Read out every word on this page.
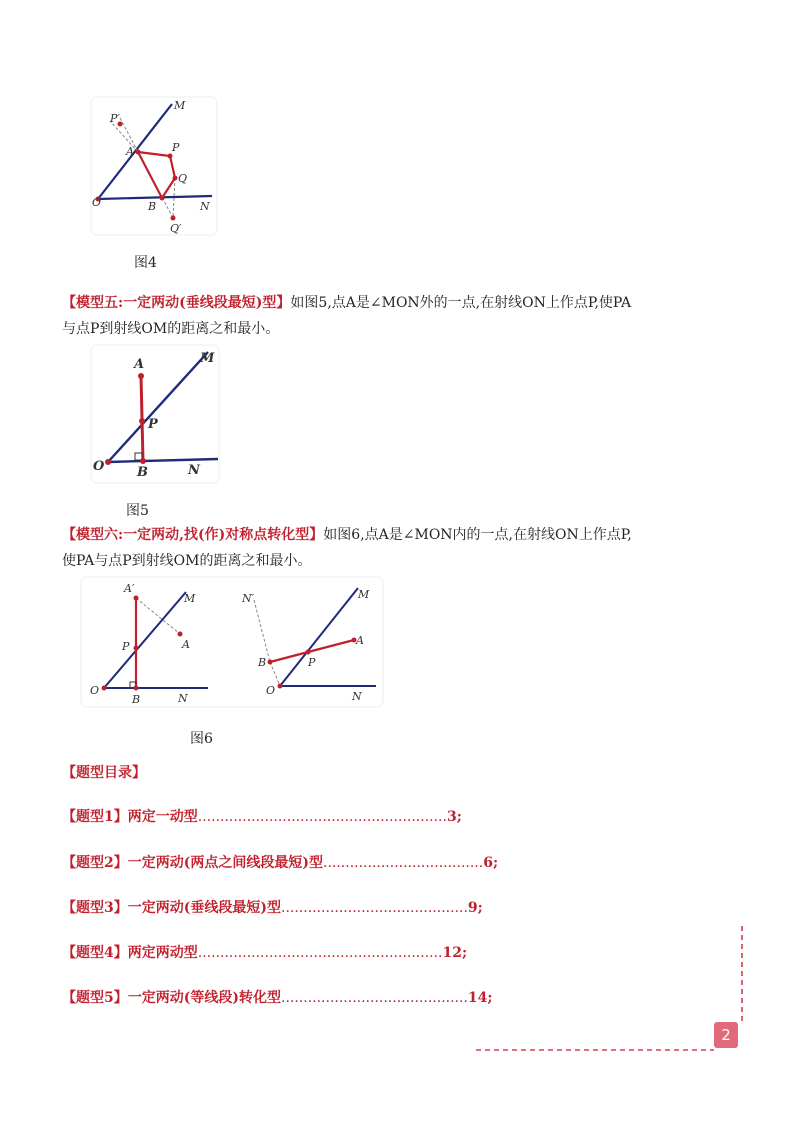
P′
M
A	P
Q
O	B	N
Q′
图4
【模型五:一定两动(垂线段最短)型】如图5,点A是∠MON外的一点,在射线ON上作点P,使PA
与点P到射线OM的距离之和最小。
A	M
P
O	B	N
图5
【模型六:一定两动,找(作)对称点转化型】如图6,点A是∠MON内的一点,在射线ON上作点P,
使PA与点P到射线OM的距离之和最小。
A′
M
P	A
O
B	N
N′	M
A
B	P
O	N
图6
【题型目录】
【题型1】两定一动型........................................................3;
【题型2】一定两动(两点之间线段最短)型....................................6;
【题型3】一定两动(垂线段最短)型..........................................9;
【题型4】两定两动型.......................................................12;
【题型5】一定两动(等线段)转化型..........................................14;
2
